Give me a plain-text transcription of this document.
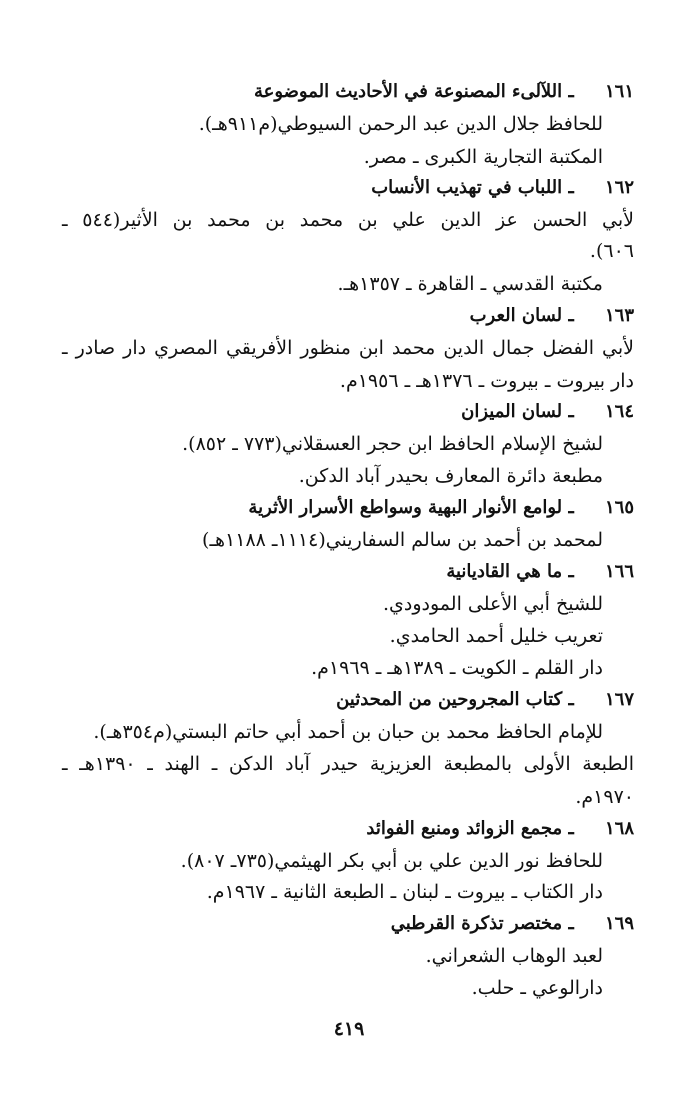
١٦١ ـ اللآلىء المصنوعة في الأحاديث الموضوعة
للحافظ جلال الدين عبد الرحمن السيوطي(م٩١١هـ).
المكتبة التجارية الكبرى ـ مصر.
١٦٢ ـ اللباب في تهذيب الأنساب
لأبي الحسن عز الدين علي بن محمد بن محمد بن الأثير(٥٤٤ ـ
٦٠٦).
مكتبة القدسي ـ القاهرة ـ ١٣٥٧هـ.
١٦٣ ـ لسان العرب
لأبي الفضل جمال الدين محمد ابن منظور الأفريقي المصري دار صادر ـ
دار بيروت ـ بيروت ـ ١٣٧٦هـ ـ ١٩٥٦م.
١٦٤ ـ لسان الميزان
لشيخ الإسلام الحافظ ابن حجر العسقلاني(٧٧٣ ـ ٨٥٢).
مطبعة دائرة المعارف بحيدر آباد الدكن.
١٦٥ ـ لوامع الأنوار البهية وسواطع الأسرار الأثرية
لمحمد بن أحمد بن سالم السفاريني(١١١٤ـ ١١٨٨هـ)
١٦٦ ـ ما هي القاديانية
للشيخ أبي الأعلى المودودي.
تعريب خليل أحمد الحامدي.
دار القلم ـ الكويت ـ ١٣٨٩هـ ـ ١٩٦٩م.
١٦٧ ـ كتاب المجروحين من المحدثين
للإمام الحافظ محمد بن حبان بن أحمد أبي حاتم البستي(م٣٥٤هـ).
الطبعة الأولى بالمطبعة العزيزية حيدر آباد الدكن ـ الهند ـ ١٣٩٠هـ ـ
١٩٧٠م.
١٦٨ ـ مجمع الزوائد ومنبع الفوائد
للحافظ نور الدين علي بن أبي بكر الهيثمي(٧٣٥ـ ٨٠٧).
دار الكتاب ـ بيروت ـ لبنان ـ الطبعة الثانية ـ ١٩٦٧م.
١٦٩ ـ مختصر تذكرة القرطبي
لعبد الوهاب الشعراني.
دارالوعي ـ حلب.
٤١٩
